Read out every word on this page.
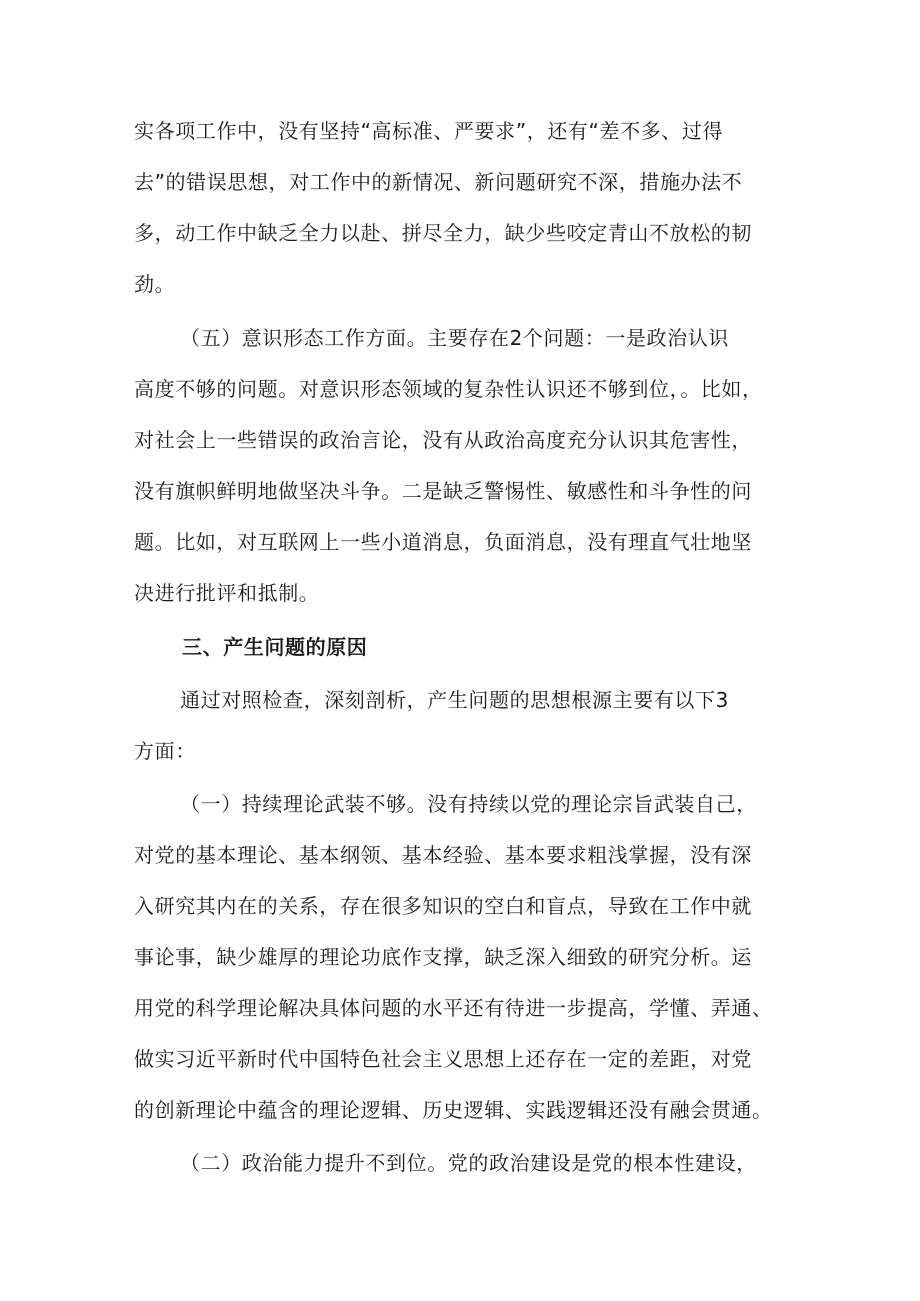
实各项工作中，没有坚持“高标准、严要求”，还有“差不多、过得
去”的错误思想，对工作中的新情况、新问题研究不深，措施办法不
多，动工作中缺乏全力以赴、拼尽全力，缺少些咬定青山不放松的韧
劲。
（五）意识形态工作方面。主要存在2个问题：一是政治认识
高度不够的问题。对意识形态领域的复杂性认识还不够到位，。比如，
对社会上一些错误的政治言论，没有从政治高度充分认识其危害性，
没有旗帜鲜明地做坚决斗争。二是缺乏警惕性、敏感性和斗争性的问
题。比如，对互联网上一些小道消息，负面消息，没有理直气壮地坚
决进行批评和抵制。
三、产生问题的原因
通过对照检查，深刻剖析，产生问题的思想根源主要有以下3
方面：
（一）持续理论武装不够。没有持续以党的理论宗旨武装自己，
对党的基本理论、基本纲领、基本经验、基本要求粗浅掌握，没有深
入研究其内在的关系，存在很多知识的空白和盲点，导致在工作中就
事论事，缺少雄厚的理论功底作支撑，缺乏深入细致的研究分析。运
用党的科学理论解决具体问题的水平还有待进一步提高，学懂、弄通、
做实习近平新时代中国特色社会主义思想上还存在一定的差距，对党
的创新理论中蕴含的理论逻辑、历史逻辑、实践逻辑还没有融会贯通。
（二）政治能力提升不到位。党的政治建设是党的根本性建设，
